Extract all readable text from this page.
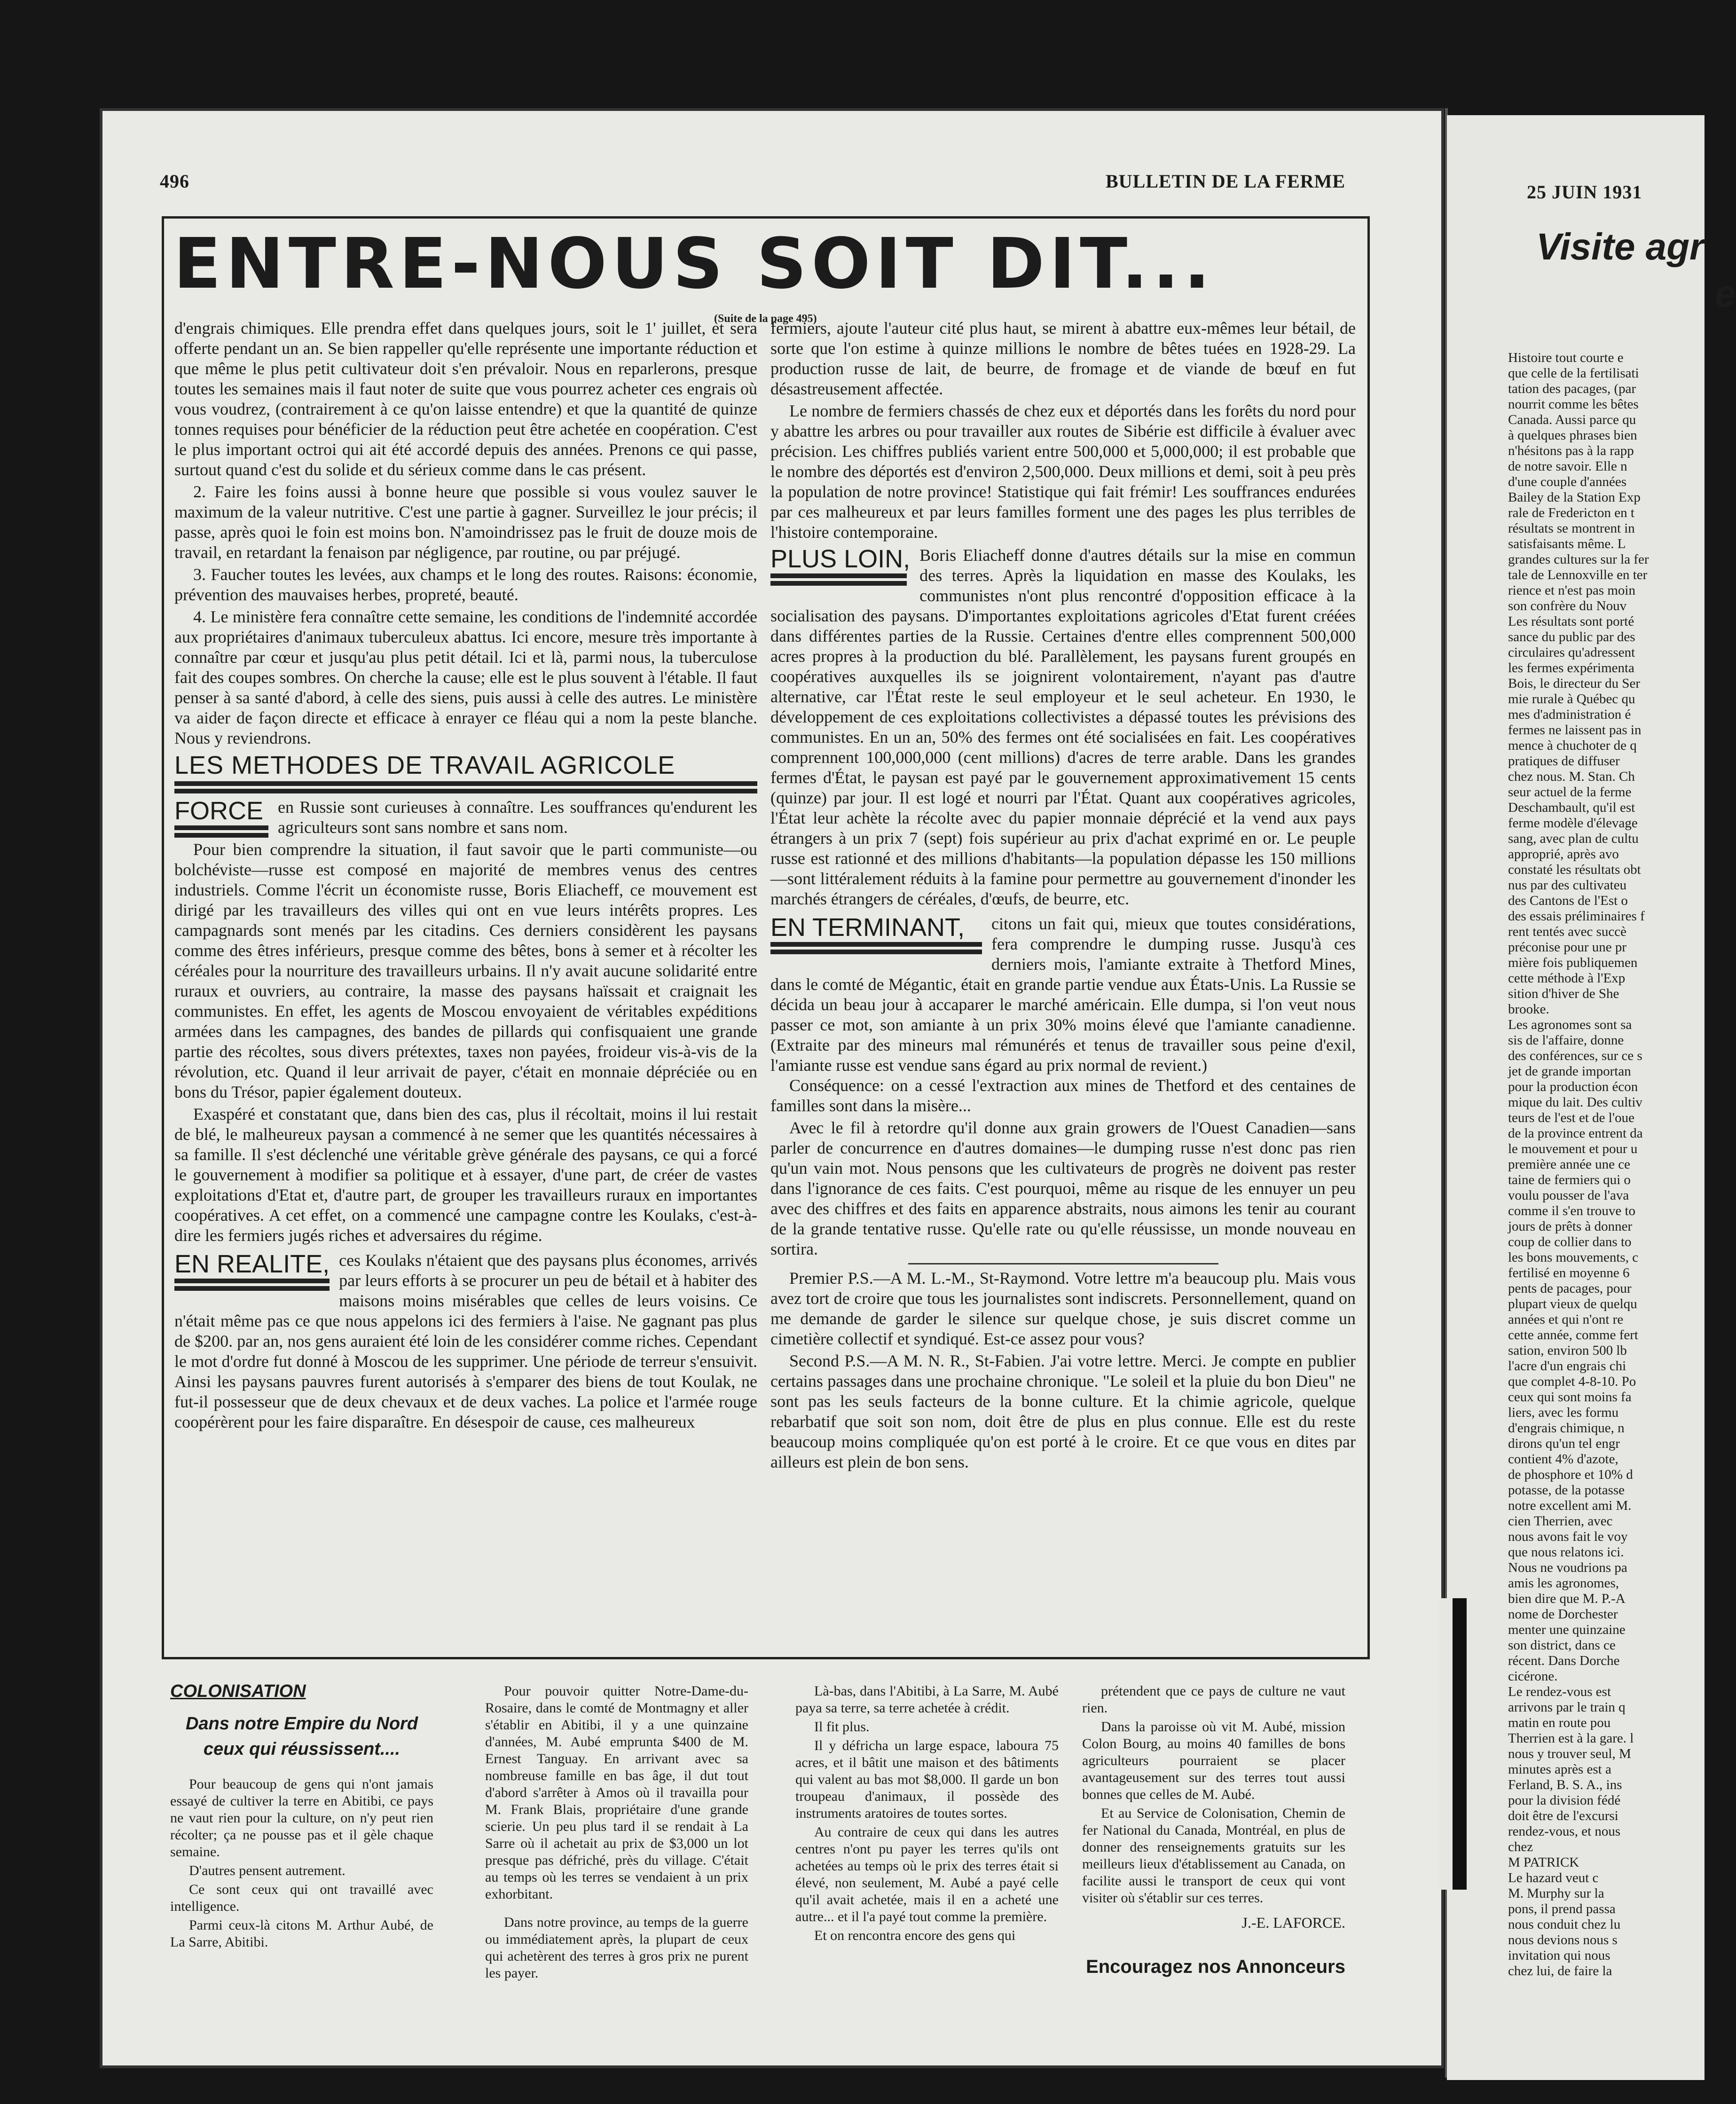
496	BULLETIN DE LA FERME
ENTRE-NOUS SOIT DIT...
(Suite de la page 495)

d'engrais chimiques. Elle prendra effet dans quelques jours, soit le 1' juillet, et sera offerte pendant un an. Se bien rappeller qu'elle représente une importante réduction et que même le plus petit cultivateur doit s'en prévaloir. Nous en reparlerons, presque toutes les semaines mais il faut noter de suite que vous pourrez acheter ces engrais où vous voudrez, (contrairement à ce qu'on laisse entendre) et que la quantité de quinze tonnes requises pour bénéficier de la réduction peut être achetée en coopération. C'est le plus important octroi qui ait été accordé depuis des années. Prenons ce qui passe, surtout quand c'est du solide et du sérieux comme dans le cas présent.

2. Faire les foins aussi à bonne heure que possible si vous voulez sauver le maximum de la valeur nutritive. C'est une partie à gagner. Surveillez le jour précis; il passe, après quoi le foin est moins bon. N'amoindrissez pas le fruit de douze mois de travail, en retardant la fenaison par négligence, par routine, ou par préjugé.

3. Faucher toutes les levées, aux champs et le long des routes. Raisons: économie, prévention des mauvaises herbes, propreté, beauté.

4. Le ministère fera connaître cette semaine, les conditions de l'indemnité accordée aux propriétaires d'animaux tuberculeux abattus. Ici encore, mesure très importante à connaître par cœur et jusqu'au plus petit détail. Ici et là, parmi nous, la tuberculose fait des coupes sombres. On cherche la cause; elle est le plus souvent à l'étable. Il faut penser à sa santé d'abord, à celle des siens, puis aussi à celle des autres. Le ministère va aider de façon directe et efficace à enrayer ce fléau qui a nom la peste blanche. Nous y reviendrons.

LES METHODES DE TRAVAIL AGRICOLE
FORCE en Russie sont curieuses à connaître. Les souffrances qu'endurent les agriculteurs sont sans nombre et sans nom.

Pour bien comprendre la situation, il faut savoir que le parti communiste—ou bolchéviste—russe est composé en majorité de membres venus des centres industriels. Comme l'écrit un économiste russe, Boris Eliacheff, ce mouvement est dirigé par les travailleurs des villes qui ont en vue leurs intérêts propres. Les campagnards sont menés par les citadins. Ces derniers considèrent les paysans comme des êtres inférieurs, presque comme des bêtes, bons à semer et à récolter les céréales pour la nourriture des travailleurs urbains. Il n'y avait aucune solidarité entre ruraux et ouvriers, au contraire, la masse des paysans haïssait et craignait les communistes. En effet, les agents de Moscou envoyaient de véritables expéditions armées dans les campagnes, des bandes de pillards qui confisquaient une grande partie des récoltes, sous divers prétextes, taxes non payées, froideur vis-à-vis de la révolution, etc. Quand il leur arrivait de payer, c'était en monnaie dépréciée ou en bons du Trésor, papier également douteux.

Exaspéré et constatant que, dans bien des cas, plus il récoltait, moins il lui restait de blé, le malheureux paysan a commencé à ne semer que les quantités nécessaires à sa famille. Il s'est déclenché une véritable grève générale des paysans, ce qui a forcé le gouvernement à modifier sa politique et à essayer, d'une part, de créer de vastes exploitations d'Etat et, d'autre part, de grouper les travailleurs ruraux en importantes coopératives. A cet effet, on a commencé une campagne contre les Koulaks, c'est-à-dire les fermiers jugés riches et adversaires du régime.

EN REALITE, ces Koulaks n'étaient que des paysans plus économes, arrivés par leurs efforts à se procurer un peu de bétail et à habiter des maisons moins misérables que celles de leurs voisins. Ce n'était même pas ce que nous appelons ici des fermiers à l'aise. Ne gagnant pas plus de $200. par an, nos gens auraient été loin de les considérer comme riches. Cependant le mot d'ordre fut donné à Moscou de les supprimer. Une période de terreur s'ensuivit. Ainsi les paysans pauvres furent autorisés à s'emparer des biens de tout Koulak, ne fut-il possesseur que de deux chevaux et de deux vaches. La police et l'armée rouge coopérèrent pour les faire disparaître. En désespoir de cause, ces malheureux

fermiers, ajoute l'auteur cité plus haut, se mirent à abattre eux-mêmes leur bétail, de sorte que l'on estime à quinze millions le nombre de bêtes tuées en 1928-29. La production russe de lait, de beurre, de fromage et de viande de bœuf en fut désastreusement affectée.

Le nombre de fermiers chassés de chez eux et déportés dans les forêts du nord pour y abattre les arbres ou pour travailler aux routes de Sibérie est difficile à évaluer avec précision. Les chiffres publiés varient entre 500,000 et 5,000,000; il est probable que le nombre des déportés est d'environ 2,500,000. Deux millions et demi, soit à peu près la population de notre province! Statistique qui fait frémir! Les souffrances endurées par ces malheureux et par leurs familles forment une des pages les plus terribles de l'histoire contemporaine.

PLUS LOIN, Boris Eliacheff donne d'autres détails sur la mise en commun des terres. Après la liquidation en masse des Koulaks, les communistes n'ont plus rencontré d'opposition efficace à la socialisation des paysans. D'importantes exploitations agricoles d'Etat furent créées dans différentes parties de la Russie. Certaines d'entre elles comprennent 500,000 acres propres à la production du blé. Parallèlement, les paysans furent groupés en coopératives auxquelles ils se joignirent volontairement, n'ayant pas d'autre alternative, car l'État reste le seul employeur et le seul acheteur. En 1930, le développement de ces exploitations collectivistes a dépassé toutes les prévisions des communistes. En un an, 50% des fermes ont été socialisées en fait. Les coopératives comprennent 100,000,000 (cent millions) d'acres de terre arable. Dans les grandes fermes d'État, le paysan est payé par le gouvernement approximativement 15 cents (quinze) par jour. Il est logé et nourri par l'État. Quant aux coopératives agricoles, l'État leur achète la récolte avec du papier monnaie déprécié et la vend aux pays étrangers à un prix 7 (sept) fois supérieur au prix d'achat exprimé en or. Le peuple russe est rationné et des millions d'habitants—la population dépasse les 150 millions—sont littéralement réduits à la famine pour permettre au gouvernement d'inonder les marchés étrangers de céréales, d'œufs, de beurre, etc.
EN TERMINANT,	citons un fait qui, mieux que toutes considérations, fera comprendre le dumping russe. Jusqu'à ces derniers mois, l'amiante extraite à Thetford Mines, dans le comté de Mégantic, était en grande partie vendue aux États-Unis. La Russie se décida un beau jour à accaparer le marché américain. Elle dumpa, si l'on veut nous passer ce mot, son amiante à un prix 30% moins élevé que l'amiante canadienne. (Extraite par des mineurs mal rémunérés et tenus de travailler sous peine d'exil, l'amiante russe est vendue sans égard au prix normal de revient.)

Conséquence: on a cessé l'extraction aux mines de Thetford et des centaines de familles sont dans la misère...

Avec le fil à retordre qu'il donne aux grain growers de l'Ouest Canadien—sans parler de concurrence en d'autres domaines—le dumping russe n'est donc pas rien qu'un vain mot. Nous pensons que les cultivateurs de progrès ne doivent pas rester dans l'ignorance de ces faits. C'est pourquoi, même au risque de les ennuyer un peu avec des chiffres et des faits en apparence abstraits, nous aimons les tenir au courant de la grande tentative russe. Qu'elle rate ou qu'elle réussisse, un monde nouveau en sortira.

Premier P.S.—A M. L.-M., St-Raymond. Votre lettre m'a beaucoup plu. Mais vous avez tort de croire que tous les journalistes sont indiscrets. Personnellement, quand on me demande de garder le silence sur quelque chose, je suis discret comme un cimetière collectif et syndiqué. Est-ce assez pour vous?

Second P.S.—A M. N. R., St-Fabien. J'ai votre lettre. Merci. Je compte en publier certains passages dans une prochaine chronique. "Le soleil et la pluie du bon Dieu" ne sont pas les seuls facteurs de la bonne culture. Et la chimie agricole, quelque rebarbatif que soit son nom, doit être de plus en plus connue. Elle est du reste beaucoup moins compliquée qu'on est porté à le croire. Et ce que vous en dites par ailleurs est plein de bon sens.

COLONISATION
Dans notre Empire du Nord ceux qui réussissent....

Pour beaucoup de gens qui n'ont jamais essayé de cultiver la terre en Abitibi, ce pays ne vaut rien pour la culture, on n'y peut rien récolter; ça ne pousse pas et il gèle chaque semaine.

D'autres pensent autrement.

Ce sont ceux qui ont travaillé avec intelligence.

Parmi ceux-là citons M. Arthur Aubé, de La Sarre, Abitibi.

Pour pouvoir quitter Notre-Dame-du-Rosaire, dans le comté de Montmagny et aller s'établir en Abitibi, il y a une quinzaine d'années, M. Aubé emprunta $400 de M. Ernest Tanguay. En arrivant avec sa nombreuse famille en bas âge, il dut tout d'abord s'arrêter à Amos où il travailla pour M. Frank Blais, propriétaire d'une grande scierie. Un peu plus tard il se rendait à La Sarre où il achetait au prix de $3,000 un lot presque pas défriché, près du village. C'était au temps où les terres se vendaient à un prix exhorbitant.

Dans notre province, au temps de la guerre ou immédiatement après, la plupart de ceux qui achetèrent des terres à gros prix ne purent les payer.

Là-bas, dans l'Abitibi, à La Sarre, M. Aubé paya sa terre, sa terre achetée à crédit.

Il fit plus.

Il y défricha un large espace, laboura 75 acres, et il bâtit une maison et des bâtiments qui valent au bas mot $8,000. Il garde un bon troupeau d'animaux, il possède des instruments aratoires de toutes sortes.

Au contraire de ceux qui dans les autres centres n'ont pu payer les terres qu'ils ont achetées au temps où le prix des terres était si élevé, non seulement, M. Aubé a payé celle qu'il avait achetée, mais il en a acheté une autre... et il l'a payé tout comme la première.

Et on rencontra encore des gens qui

prétendent que ce pays de culture ne vaut rien.

Dans la paroisse où vit M. Aubé, mission Colon Bourg, au moins 40 familles de bons agriculteurs pourraient se placer avantageusement sur des terres tout aussi bonnes que celles de M. Aubé.

Et au Service de Colonisation, Chemin de fer National du Canada, Montréal, en plus de donner des renseignements gratuits sur les meilleurs lieux d'établissement au Canada, on facilite aussi le transport de ceux qui vont visiter où s'établir sur ces terres.

J.-E. LAFORCE.
Encouragez nos Annonceurs
25 JUIN 1931
Visite agr
e

Histoire tout courte e

que celle de la fertilisati

tation des pacages, (par

nourrit comme les bêtes

Canada. Aussi parce qu

à quelques phrases bien

n'hésitons pas à la rapp

de notre savoir. Elle n

d'une couple d'années

Bailey de la Station Exp

rale de Fredericton en t

résultats se montrent in

satisfaisants même. L

grandes cultures sur la fer

tale de Lennoxville en ter

rience et n'est pas moin

son confrère du Nouv

Les résultats sont porté

sance du public par des

circulaires qu'adressent

les fermes expérimenta

Bois, le directeur du Ser

mie rurale à Québec qu

mes d'administration é

fermes ne laissent pas in

mence à chuchoter de q

pratiques de diffuser

chez nous. M. Stan. Ch

seur actuel de la ferme

Deschambault, qu'il est

ferme modèle d'élevage

sang, avec plan de cultu

approprié, après avo

constaté les résultats obt

nus par des cultivateu

des Cantons de l'Est o

des essais préliminaires f

rent tentés avec succè

préconise pour une pr

mière fois publiquemen

cette méthode à l'Exp

sition d'hiver de She

brooke.

Les agronomes sont sa

sis de l'affaire, donne

des conférences, sur ce s

jet de grande importan

pour la production écon

mique du lait. Des cultiv

teurs de l'est et de l'oue

de la province entrent da

le mouvement et pour u

première année une ce

taine de fermiers qui o

voulu pousser de l'ava

comme il s'en trouve to

jours de prêts à donner

coup de collier dans to

les bons mouvements, c

fertilisé en moyenne 6

pents de pacages, pour

plupart vieux de quelqu

années et qui n'ont re

cette année, comme fert

sation, environ 500 lb

l'acre d'un engrais chi

que complet 4-8-10. Po

ceux qui sont moins fa

liers, avec les formu

d'engrais chimique, n

dirons qu'un tel engr

contient 4% d'azote,

de phosphore et 10% d

potasse, de la potasse

notre excellent ami M.

cien Therrien, avec

nous avons fait le voy

que nous relatons ici.

Nous ne voudrions pa

amis les agronomes,

bien dire que M. P.-A

nome de Dorchester

menter une quinzaine

son district, dans ce

récent. Dans Dorche

cicérone.

Le rendez-vous est

arrivons par le train q

matin en route pou

Therrien est à la gare. l

nous y trouver seul, M

minutes après est a

Ferland, B. S. A., ins

pour la division fédé

doit être de l'excursi

rendez-vous, et nous

chez

M PATRICK

Le hazard veut c

M. Murphy sur la

pons, il prend passa

nous conduit chez lu

nous devions nous s

invitation qui nous

chez lui, de faire la
